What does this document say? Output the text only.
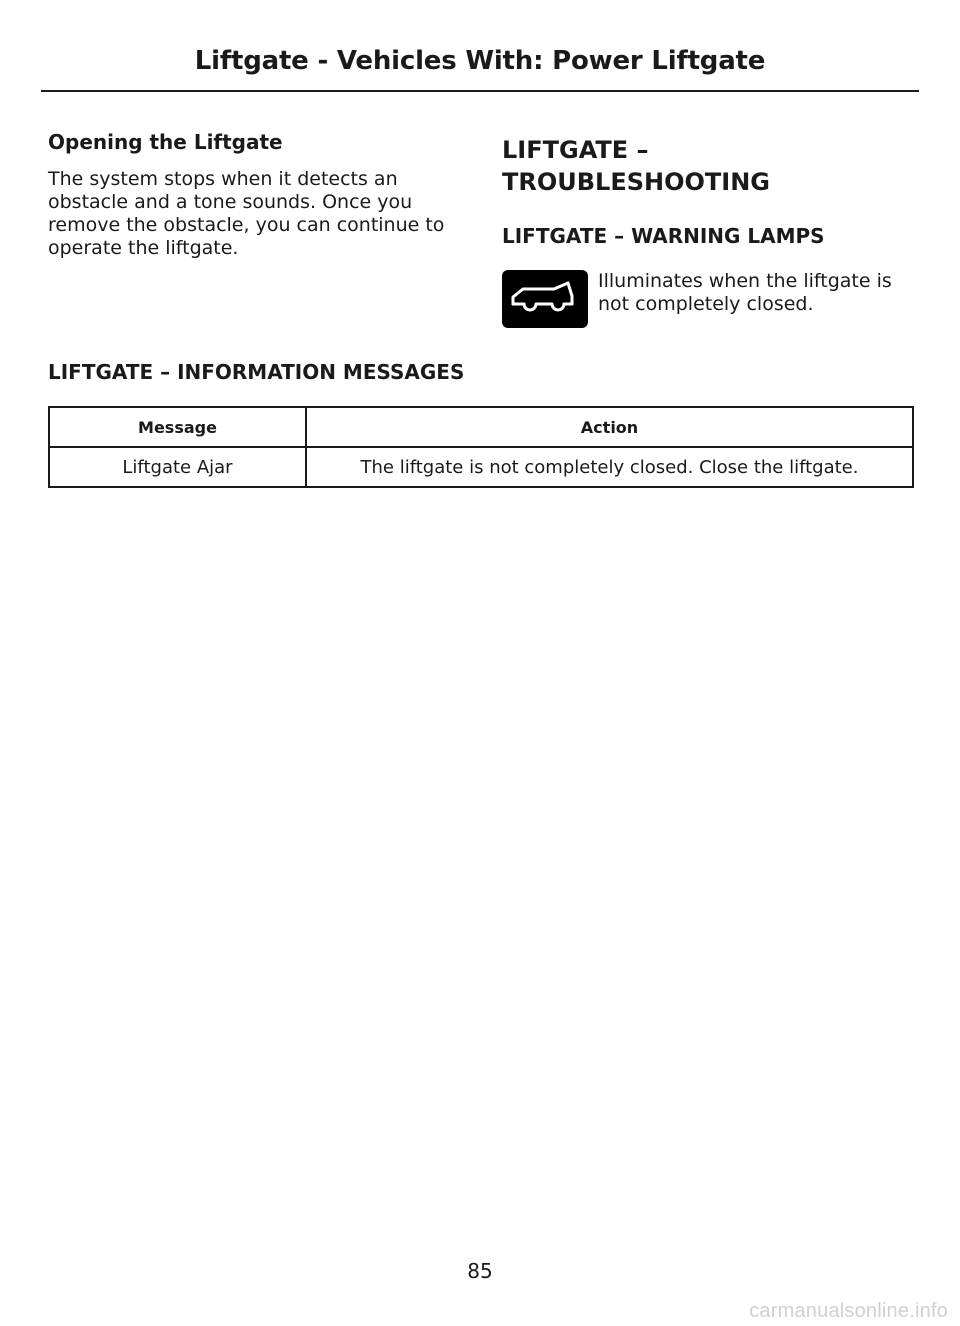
Liftgate - Vehicles With: Power Liftgate

Opening the Liftgate

The system stops when it detects an obstacle and a tone sounds. Once you remove the obstacle, you can continue to operate the liftgate.

LIFTGATE –
TROUBLESHOOTING

LIFTGATE – WARNING LAMPS

Illuminates when the liftgate is not completely closed.
LIFTGATE – INFORMATION MESSAGES
Message	Action
Liftgate Ajar	The liftgate is not completely closed. Close the liftgate.
85
carmanualsonline.info
